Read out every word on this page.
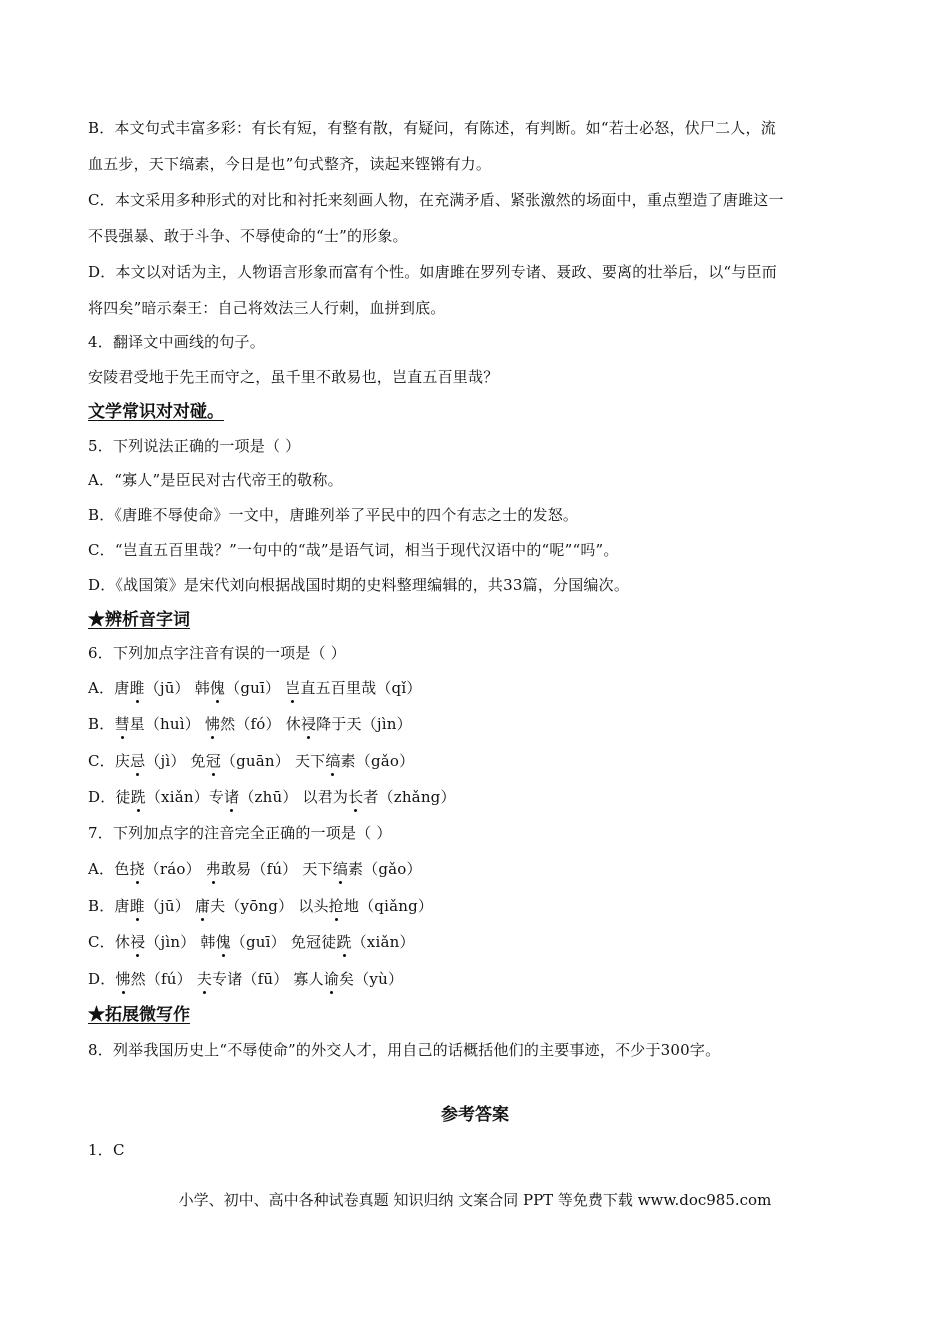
B．本文句式丰富多彩：有长有短，有整有散，有疑问，有陈述，有判断。如“若士必怒，伏尸二人，流
血五步，天下缟素，今日是也”句式整齐，读起来铿锵有力。
C．本文采用多种形式的对比和衬托来刻画人物，在充满矛盾、紧张激然的场面中，重点塑造了唐雎这一
不畏强暴、敢于斗争、不辱使命的“士”的形象。
D．本文以对话为主，人物语言形象而富有个性。如唐雎在罗列专诸、聂政、要离的壮举后，以“与臣而
将四矣”暗示秦王：自己将效法三人行刺，血拼到底。
4．翻译文中画线的句子。
安陵君受地于先王而守之，虽千里不敢易也，岂直五百里哉？
文学常识对对碰。
5．下列说法正确的一项是（ ）
A．“寡人”是臣民对古代帝王的敬称。
B．《唐雎不辱使命》一文中，唐雎列举了平民中的四个有志之士的发怒。
C．“岂直五百里哉？”一句中的“哉”是语气词，相当于现代汉语中的“呢”“吗”。
D．《战国策》是宋代刘向根据战国时期的史料整理编辑的，共33篇，分国编次。
★辨析音字词
6．下列加点字注音有误的一项是（ ）
A．唐雎（jū） 韩傀（guī） 岂直五百里哉（qǐ）
B．彗星（huì） 怫然（fó） 休祲降于天（jìn）
C．庆忌（jì） 免冠（guān） 天下缟素（gǎo）
D．徒跣（xiǎn）专诸（zhū） 以君为长者（zhǎng）
7．下列加点字的注音完全正确的一项是（ ）
A．色挠（ráo） 弗敢易（fú） 天下缟素（gǎo）
B．唐雎（jū） 庸夫（yōng） 以头抢地（qiǎng）
C．休祲（jìn） 韩傀（guī） 免冠徒跣（xiǎn）
D．怫然（fú） 夫专诸（fū） 寡人谕矣（yù）
★拓展微写作
8．列举我国历史上“不辱使命”的外交人才，用自己的话概括他们的主要事迹，不少于300字。
参考答案
1．C
小学、初中、高中各种试卷真题 知识归纳 文案合同 PPT 等免费下载 www.doc985.com
